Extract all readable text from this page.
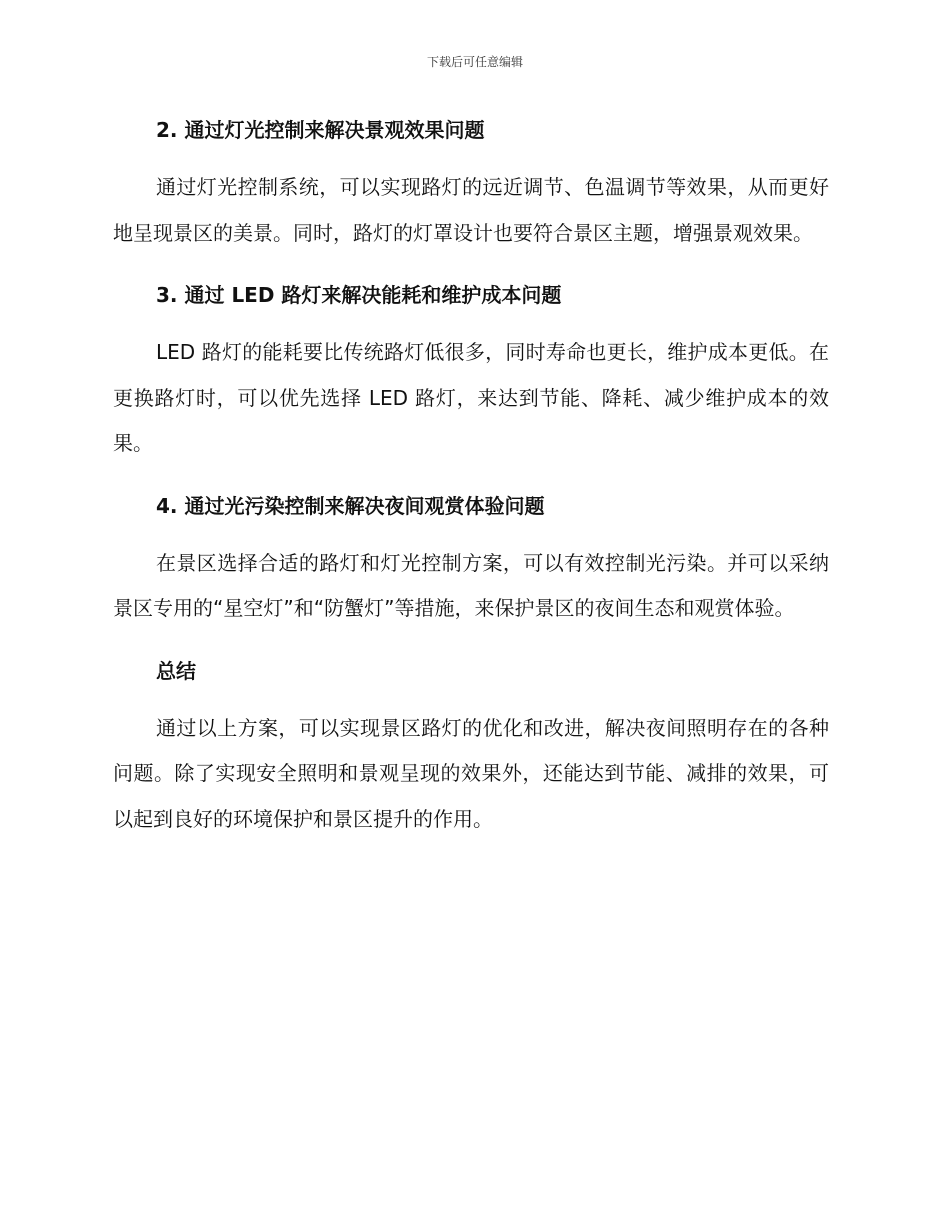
下载后可任意编辑
2. 通过灯光控制来解决景观效果问题

通过灯光控制系统，可以实现路灯的远近调节、色温调节等效果，从而更好地呈现景区的美景。同时，路灯的灯罩设计也要符合景区主题，增强景观效果。

3. 通过 LED 路灯来解决能耗和维护成本问题

LED 路灯的能耗要比传统路灯低很多，同时寿命也更长，维护成本更低。在更换路灯时，可以优先选择 LED 路灯，来达到节能、降耗、减少维护成本的效果。

4. 通过光污染控制来解决夜间观赏体验问题

在景区选择合适的路灯和灯光控制方案，可以有效控制光污染。并可以采纳景区专用的“星空灯”和“防蟹灯”等措施，来保护景区的夜间生态和观赏体验。

总结

通过以上方案，可以实现景区路灯的优化和改进，解决夜间照明存在的各种问题。除了实现安全照明和景观呈现的效果外，还能达到节能、减排的效果，可以起到良好的环境保护和景区提升的作用。
